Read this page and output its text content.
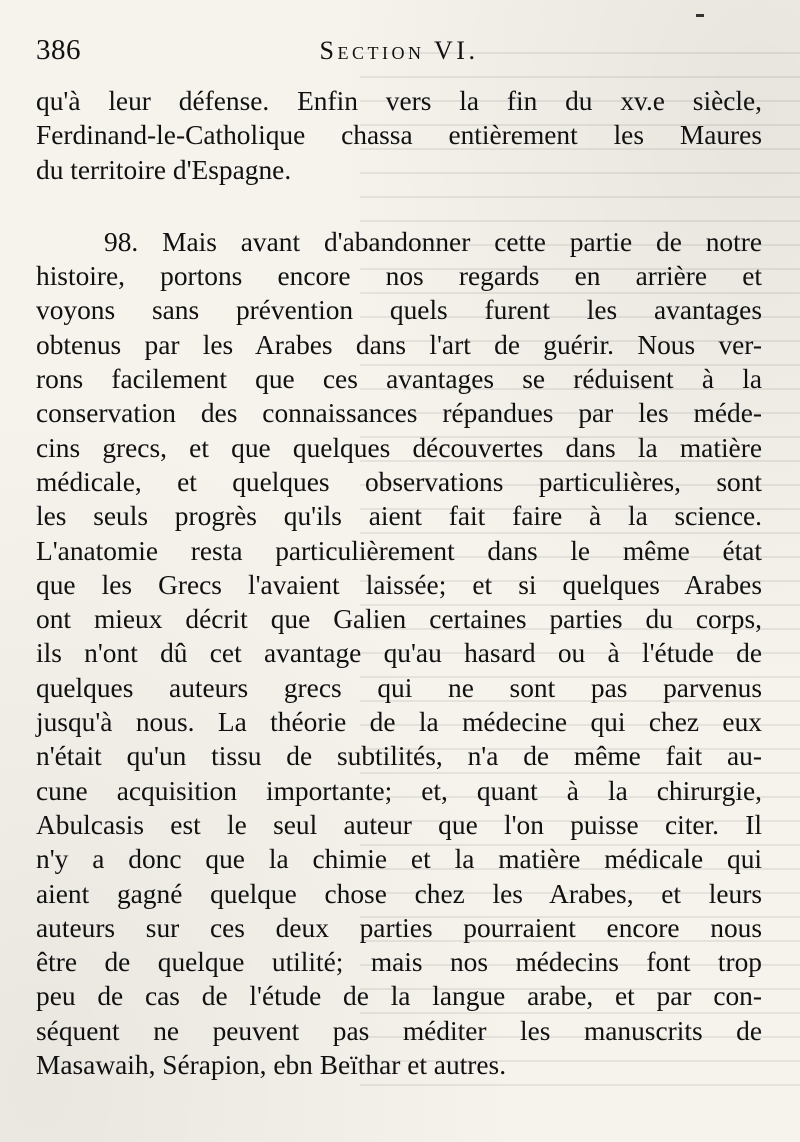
386	Section VI.
qu'à leur défense. Enfin vers la fin du xv.e siècle,
Ferdinand-le-Catholique chassa entièrement les Maures
du territoire d'Espagne.
98. Mais avant d'abandonner cette partie de notre
histoire, portons encore nos regards en arrière et
voyons sans prévention quels furent les avantages
obtenus par les Arabes dans l'art de guérir. Nous ver-
rons facilement que ces avantages se réduisent à la
conservation des connaissances répandues par les méde-
cins grecs, et que quelques découvertes dans la matière
médicale, et quelques observations particulières, sont
les seuls progrès qu'ils aient fait faire à la science.
L'anatomie resta particulièrement dans le même état
que les Grecs l'avaient laissée; et si quelques Arabes
ont mieux décrit que Galien certaines parties du corps,
ils n'ont dû cet avantage qu'au hasard ou à l'étude de
quelques auteurs grecs qui ne sont pas parvenus
jusqu'à nous. La théorie de la médecine qui chez eux
n'était qu'un tissu de subtilités, n'a de même fait au-
cune acquisition importante; et, quant à la chirurgie,
Abulcasis est le seul auteur que l'on puisse citer. Il
n'y a donc que la chimie et la matière médicale qui
aient gagné quelque chose chez les Arabes, et leurs
auteurs sur ces deux parties pourraient encore nous
être de quelque utilité; mais nos médecins font trop
peu de cas de l'étude de la langue arabe, et par con-
séquent ne peuvent pas méditer les manuscrits de
Masawaih, Sérapion, ebn Beïthar et autres.
